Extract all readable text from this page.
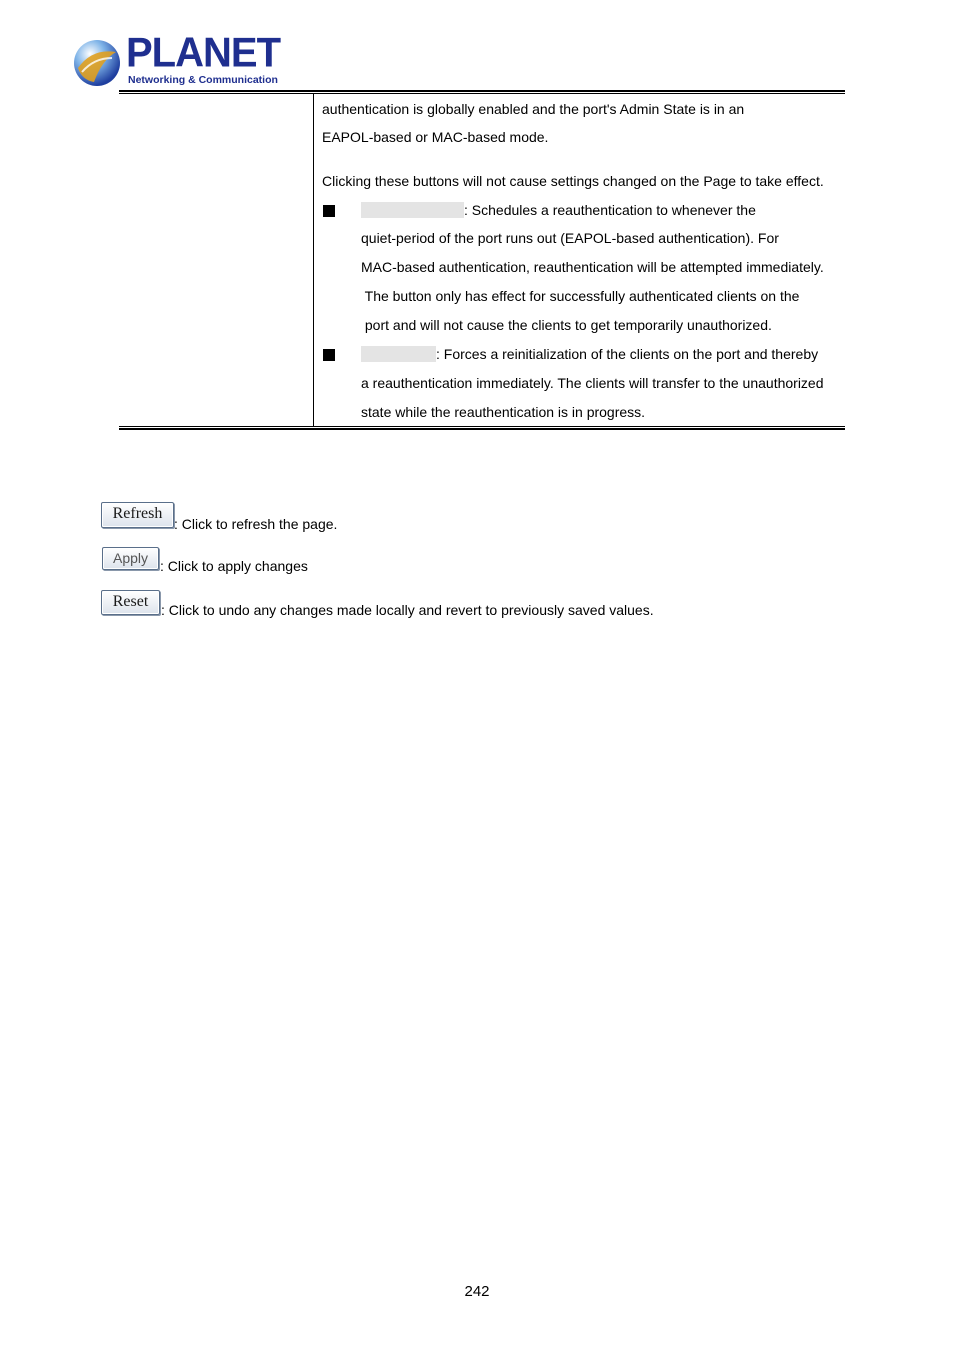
PLANET
Networking & Communication
authentication is globally enabled and the port's Admin State is in an
EAPOL-based or MAC-based mode.
Clicking these buttons will not cause settings changed on the Page to take effect.
: Schedules a reauthentication to whenever the
quiet-period of the port runs out (EAPOL-based authentication). For
MAC-based authentication, reauthentication will be attempted immediately.
The button only has effect for successfully authenticated clients on the
port and will not cause the clients to get temporarily unauthorized.
: Forces a reinitialization of the clients on the port and thereby
a reauthentication immediately. The clients will transfer to the unauthorized
state while the reauthentication is in progress.
Refresh
: Click to refresh the page.
Apply : Click to apply changes
Reset : Click to undo any changes made locally and revert to previously saved values.
242
